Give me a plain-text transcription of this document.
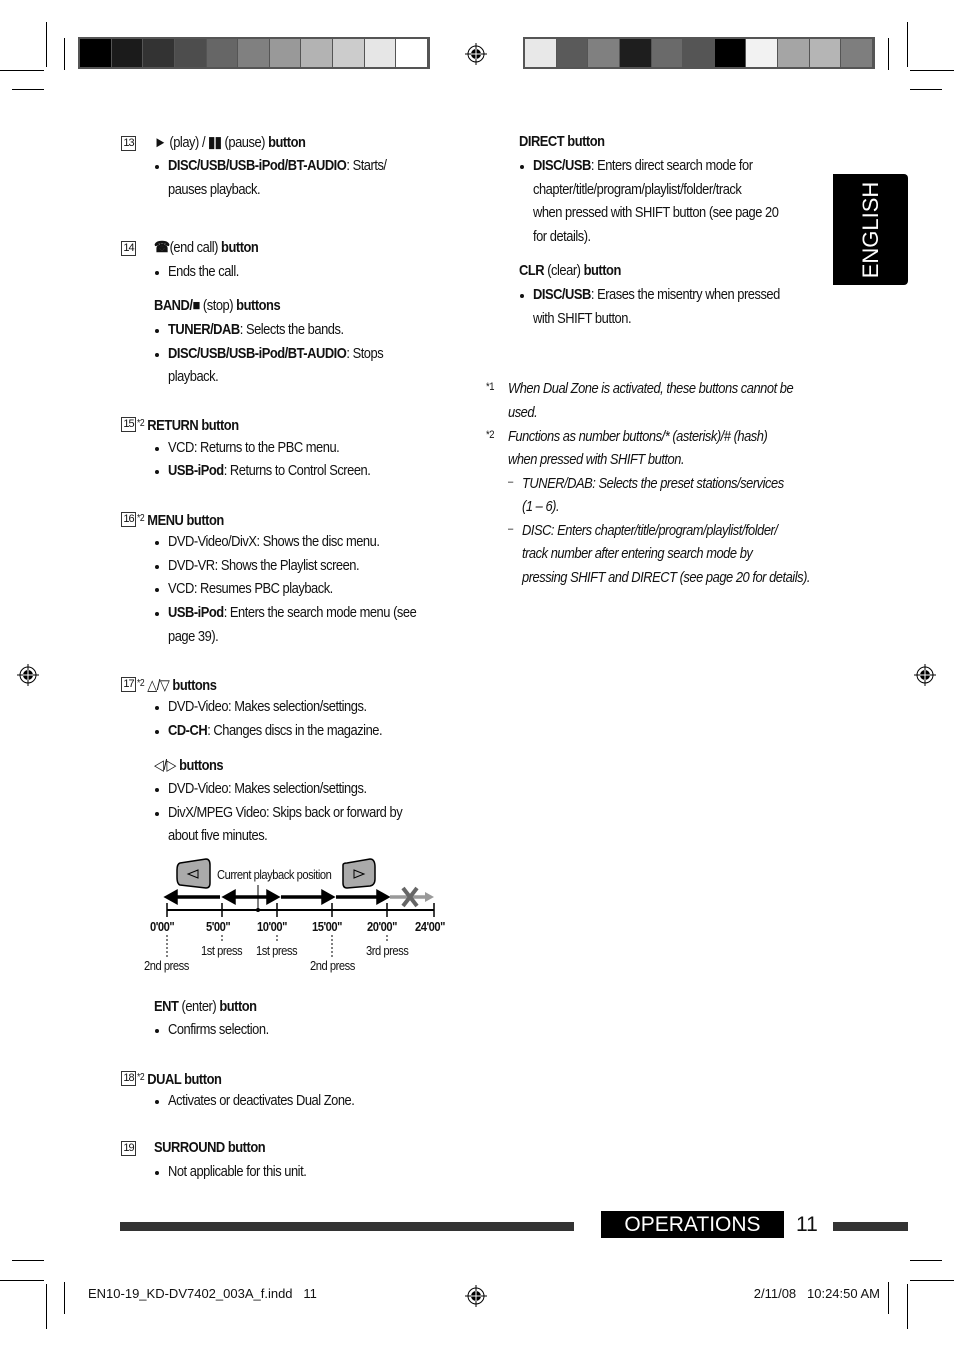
ENGLISH
13 ► (play) / ▮▮ (pause) button
DISC/USB/USB-iPod/BT-AUDIO: Starts/
pauses playback.
14 ☎(end call) button
Ends the call.
BAND/■ (stop) buttons
TUNER/DAB: Selects the bands.
DISC/USB/USB-iPod/BT-AUDIO: Stops
playback.
15 $^{*2}$ RETURN button
VCD: Returns to the PBC menu.
USB-iPod: Returns to Control Screen.
16 $^{*2}$ MENU button
DVD-Video/DivX: Shows the disc menu.
DVD-VR: Shows the Playlist screen.
VCD: Resumes PBC playback.
USB-iPod: Enters the search mode menu (see
page 39).
17 $^{*2}$ △/▽ buttons
DVD-Video: Makes selection/settings.
CD-CH: Changes discs in the magazine.
◁/▷ buttons
DVD-Video: Makes selection/settings.
DivX/MPEG Video: Skips back or forward by
about five minutes.
Current playback position
0'00" 5'00" 10'00" 15'00" 20'00" 24'00"
2nd press
1st press 1st press
2nd press
3rd press
ENT (enter) button
Confirms selection.
18 $^{*2}$ DUAL button
Activates or deactivates Dual Zone.
19 SURROUND button
Not applicable for this unit.
DIRECT button
DISC/USB: Enters direct search mode for
chapter/title/program/playlist/folder/track
when pressed with SHIFT button (see page 20
for details).
CLR (clear) button
DISC/USB: Erases the misentry when pressed
with SHIFT button.
*1 When Dual Zone is activated, these buttons cannot be
used.
*2 Functions as number buttons/* (asterisk)/# (hash)
when pressed with SHIFT button.
– TUNER/DAB: Selects the preset stations/services
(1 – 6).
– DISC: Enters chapter/title/program/playlist/folder/
track number after entering search mode by
pressing SHIFT and DIRECT (see page 20 for details).
OPERATIONS	11
EN10-19_KD-DV7402_003A_f.indd   11	2/11/08   10:24:50 AM
